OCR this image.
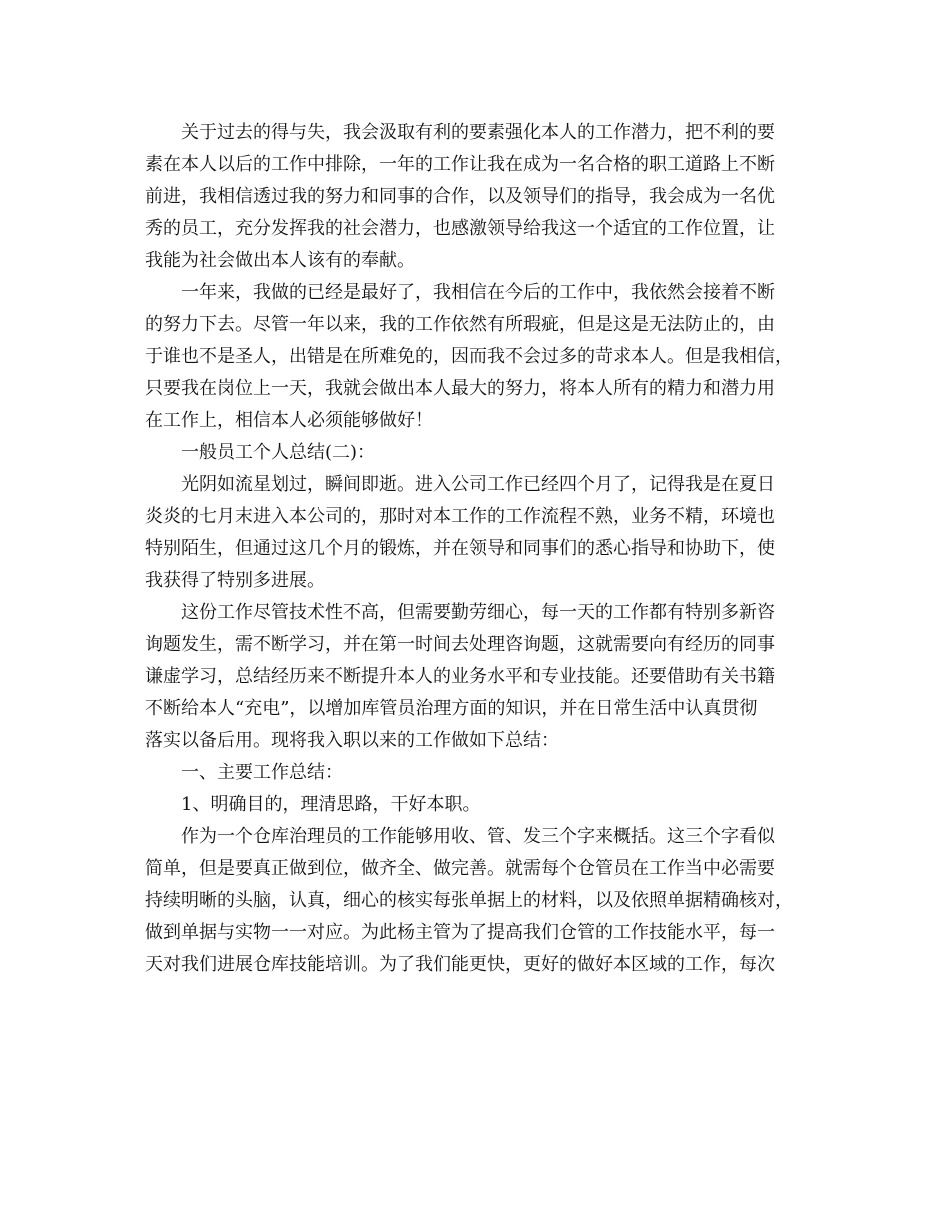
关于过去的得与失，我会汲取有利的要素强化本人的工作潜力，把不利的要

素在本人以后的工作中排除，一年的工作让我在成为一名合格的职工道路上不断

前进，我相信透过我的努力和同事的合作，以及领导们的指导，我会成为一名优

秀的员工，充分发挥我的社会潜力，也感激领导给我这一个适宜的工作位置，让

我能为社会做出本人该有的奉献。

一年来，我做的已经是最好了，我相信在今后的工作中，我依然会接着不断

的努力下去。尽管一年以来，我的工作依然有所瑕疵，但是这是无法防止的，由

于谁也不是圣人，出错是在所难免的，因而我不会过多的苛求本人。但是我相信，

只要我在岗位上一天，我就会做出本人最大的努力，将本人所有的精力和潜力用

在工作上，相信本人必须能够做好！

一般员工个人总结(二)：

光阴如流星划过，瞬间即逝。进入公司工作已经四个月了，记得我是在夏日

炎炎的七月末进入本公司的，那时对本工作的工作流程不熟，业务不精，环境也

特别陌生，但通过这几个月的锻炼，并在领导和同事们的悉心指导和协助下，使

我获得了特别多进展。

这份工作尽管技术性不高，但需要勤劳细心，每一天的工作都有特别多新咨

询题发生，需不断学习，并在第一时间去处理咨询题，这就需要向有经历的同事

谦虚学习，总结经历来不断提升本人的业务水平和专业技能。还要借助有关书籍

不断给本人“充电”，以增加库管员治理方面的知识，并在日常生活中认真贯彻

落实以备后用。现将我入职以来的工作做如下总结：

一、主要工作总结：

1、明确目的，理清思路，干好本职。

作为一个仓库治理员的工作能够用收、管、发三个字来概括。这三个字看似

简单，但是要真正做到位，做齐全、做完善。就需每个仓管员在工作当中必需要

持续明晰的头脑，认真，细心的核实每张单据上的材料，以及依照单据精确核对，

做到单据与实物一一对应。为此杨主管为了提高我们仓管的工作技能水平，每一

天对我们进展仓库技能培训。为了我们能更快，更好的做好本区域的工作，每次
